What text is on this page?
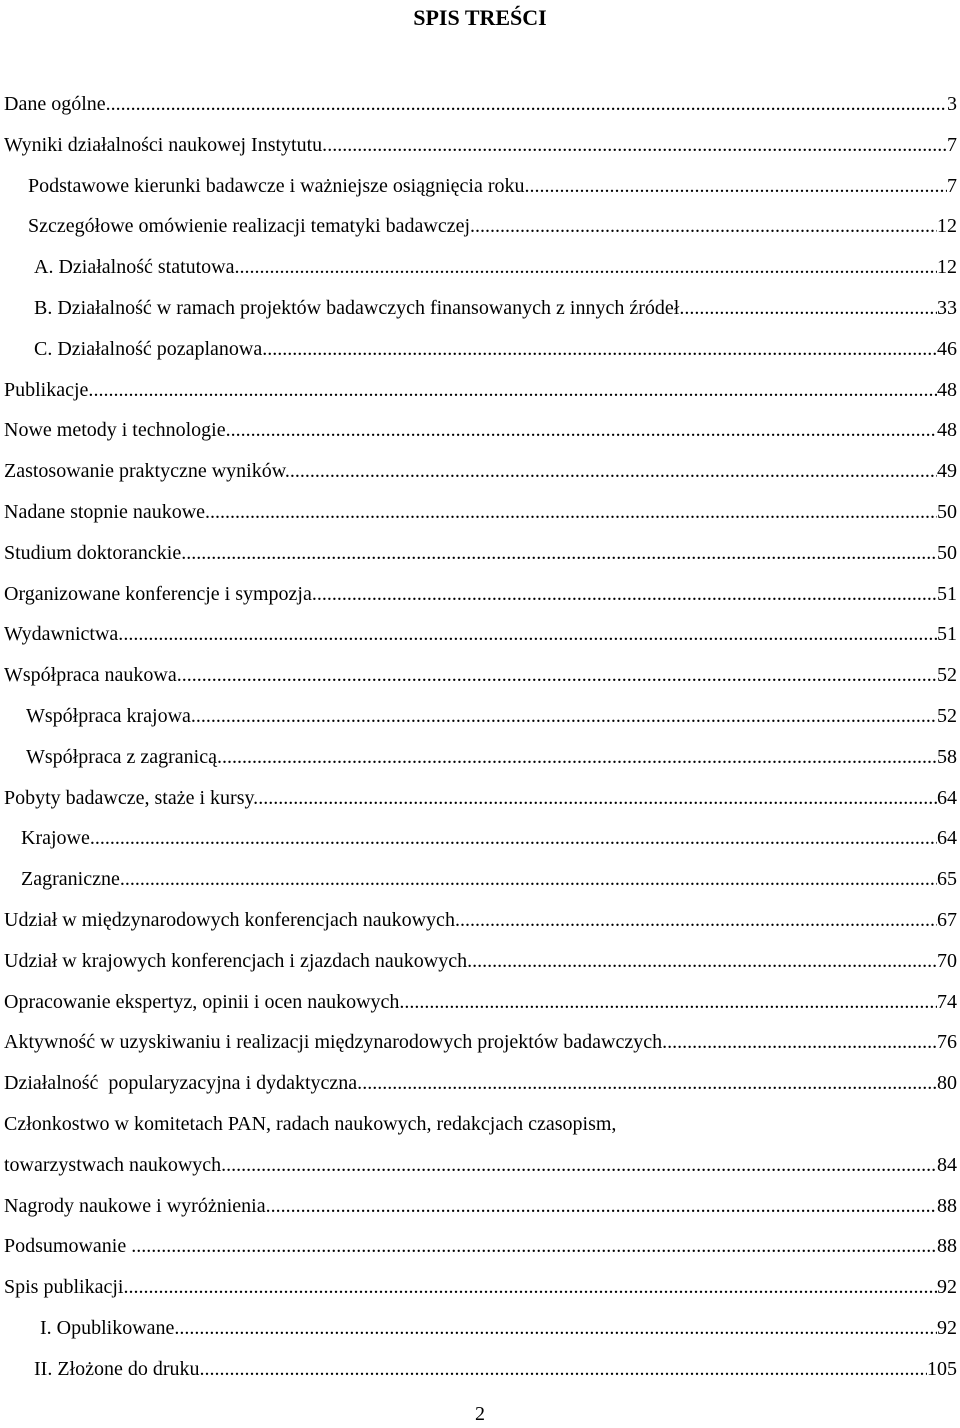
SPIS TREŚCI
Dane ogólne. .....	3
Wyniki działalności naukowej Instytutu. .....	7
Podstawowe kierunki badawcze i ważniejsze osiągnięcia roku. .....	7
Szczegółowe omówienie realizacji tematyki badawczej. .....	12
A. Działalność statutowa. .....	12
B. Działalność w ramach projektów badawczych finansowanych z innych źródeł. .....	33
C. Działalność pozaplanowa. .....	46
Publikacje. .....	48
Nowe metody i technologie. .....	48
Zastosowanie praktyczne wyników. .....	49
Nadane stopnie naukowe. .....	50
Studium doktoranckie. .....	50
Organizowane konferencje i sympozja. .....	51
Wydawnictwa. .....	51
Współpraca naukowa. .....	52
Współpraca krajowa. .....	52
Współpraca z zagranicą. .....	58
Pobyty badawcze, staże i kursy. .....	64
Krajowe. .....	64
Zagraniczne. .....	65
Udział w międzynarodowych konferencjach naukowych. .....	67
Udział w krajowych konferencjach i zjazdach naukowych. .....	70
Opracowanie ekspertyz, opinii i ocen naukowych. .....	74
Aktywność w uzyskiwaniu i realizacji międzynarodowych projektów badawczych. .....	76
Działalność  popularyzacyjna i dydaktyczna. .....	80
Członkostwo w komitetach PAN, radach naukowych, redakcjach czasopism,
towarzystwach naukowych. .....	84
Nagrody naukowe i wyróżnienia. .....	88
Podsumowanie . .....	88
Spis publikacji. .....	92
I. Opublikowane. .....	92
II. Złożone do druku. .....	105
2
